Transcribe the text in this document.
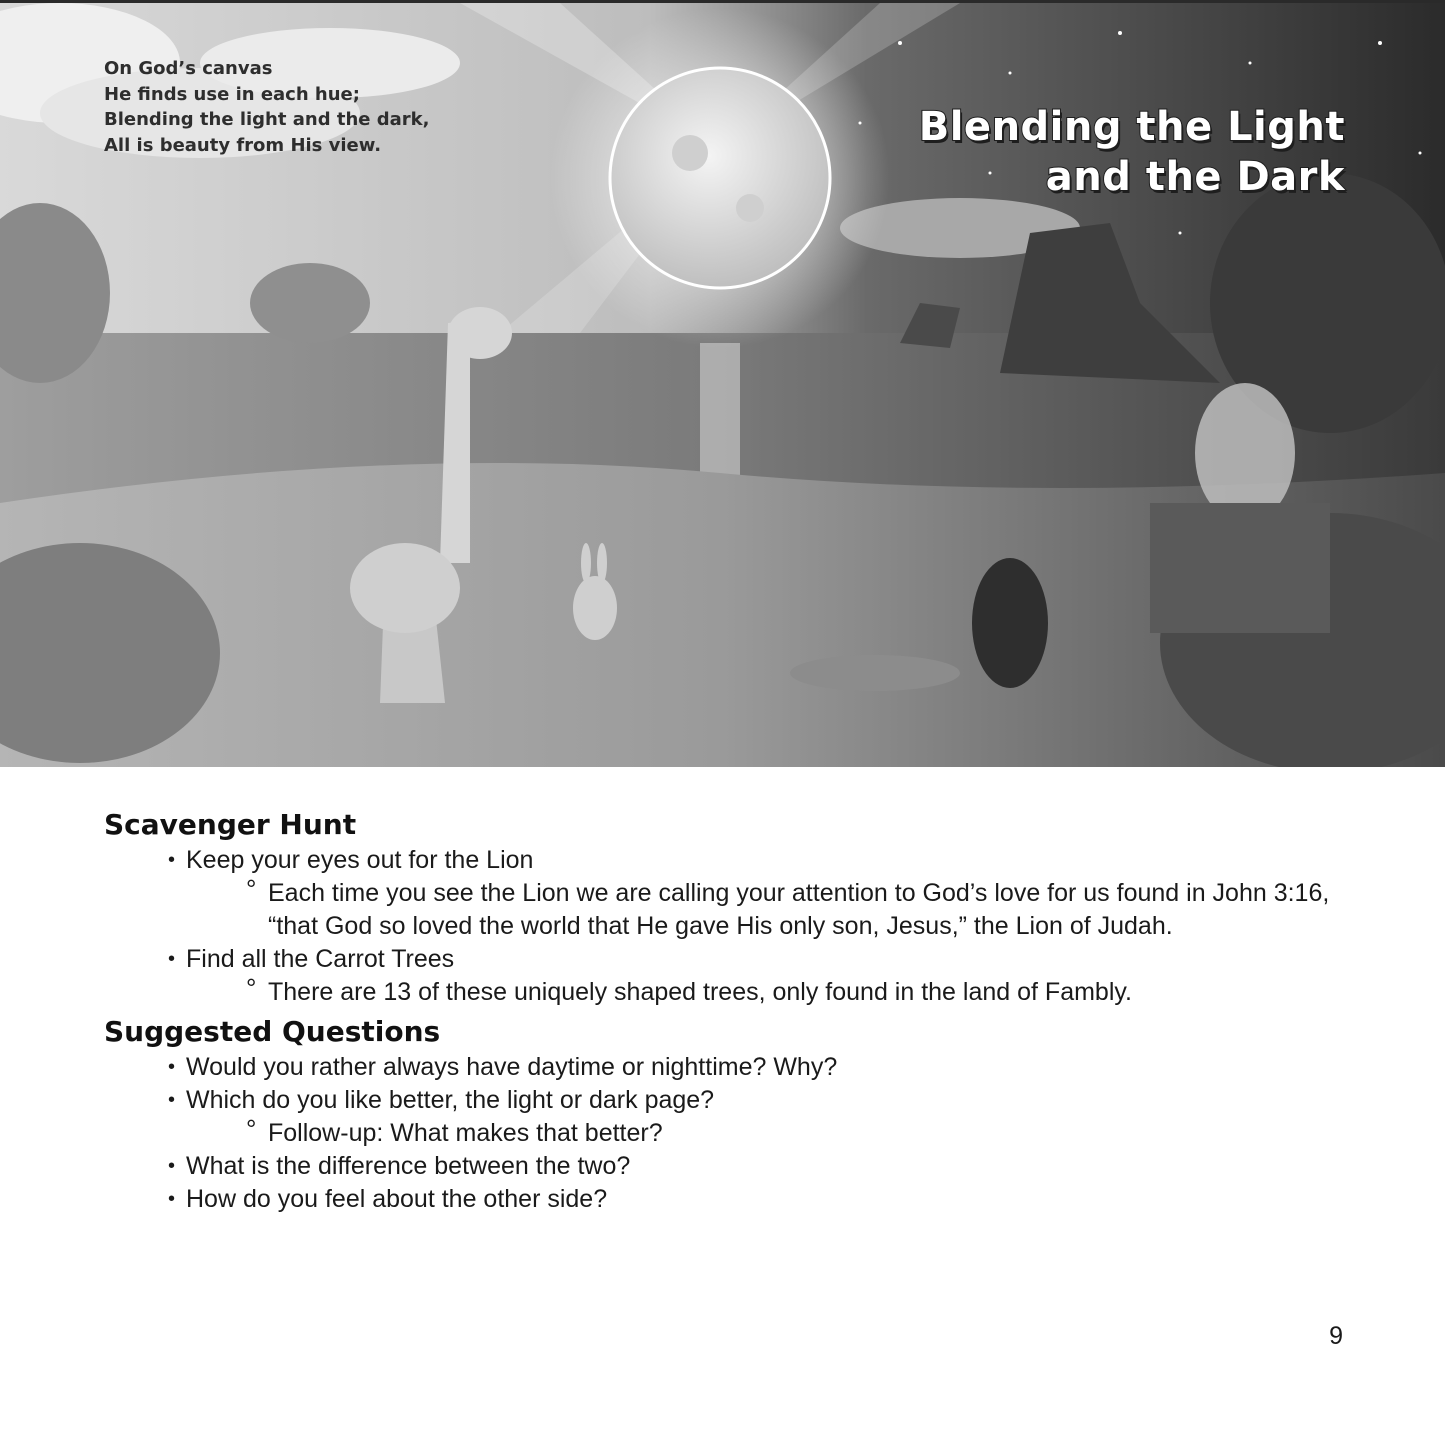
On God’s canvas
He finds use in each hue;
Blending the light and the dark,
All is beauty from His view.	Blending the Light
and the Dark
Scavenger Hunt
• Keep your eyes out for the Lion
° Each time you see the Lion we are calling your attention to God’s love for us found in John 3:16, “that God so loved the world that He gave His only son, Jesus,” the Lion of Judah.
• Find all the Carrot Trees
° There are 13 of these uniquely shaped trees, only found in the land of Fambly.
Suggested Questions
• Would you rather always have daytime or nighttime? Why?
• Which do you like better, the light or dark page?
° Follow-up: What makes that better?
• What is the difference between the two?
• How do you feel about the other side?
9
